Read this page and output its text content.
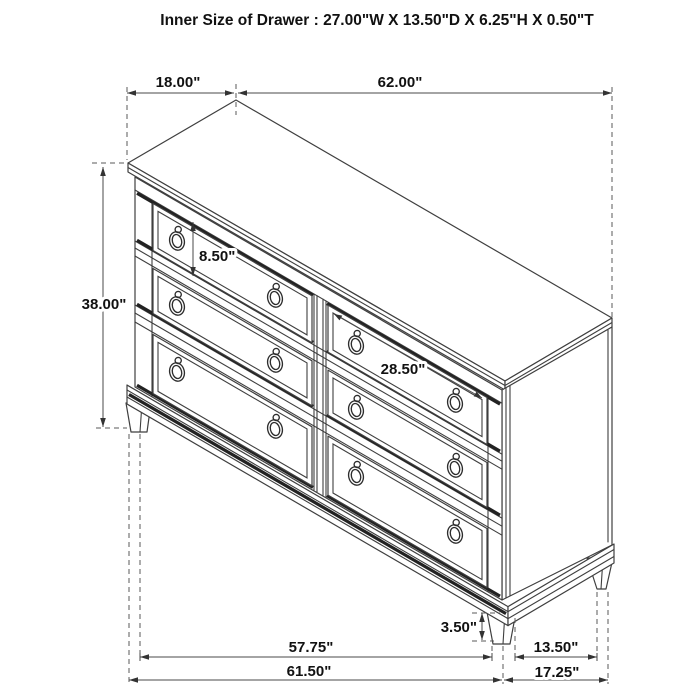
18.00"	62.00"
38.00"
8.50"
28.50"
3.50"
57.75"	13.50"
61.50"	17.25"
Inner Size of Drawer : 27.00"W X 13.50"D X 6.25"H X 0.50"T
